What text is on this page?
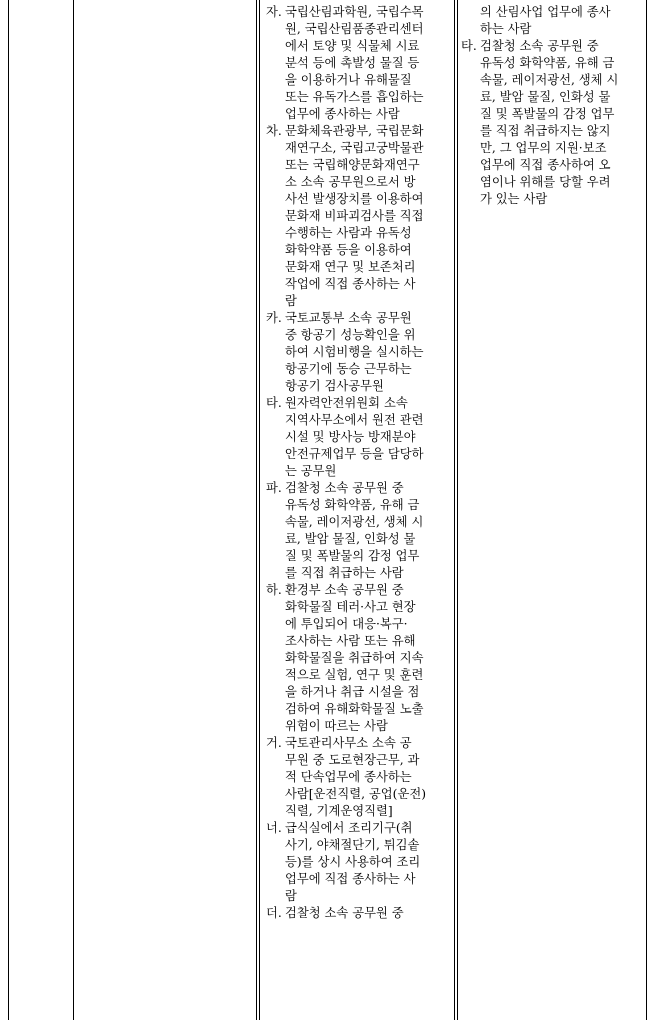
자. 국립산림과학원, 국립수목
원, 국립산림품종관리센터
에서 토양 및 식물체 시료
분석 등에 촉발성 물질 등
을 이용하거나 유해물질
또는 유독가스를 흡입하는
업무에 종사하는 사람
차. 문화체육관광부, 국립문화
재연구소, 국립고궁박물관
또는 국립해양문화재연구
소 소속 공무원으로서 방
사선 발생장치를 이용하여
문화재 비파괴검사를 직접
수행하는 사람과 유독성
화학약품 등을 이용하여
문화재 연구 및 보존처리
작업에 직접 종사하는 사
람
카. 국토교통부 소속 공무원
중 항공기 성능확인을 위
하여 시험비행을 실시하는
항공기에 동승 근무하는
항공기 검사공무원
타. 원자력안전위원회 소속
지역사무소에서 원전 관련
시설 및 방사능 방재분야
안전규제업무 등을 담당하
는 공무원
파. 검찰청 소속 공무원 중
유독성 화학약품, 유해 금
속물, 레이저광선, 생체 시
료, 발암 물질, 인화성 물
질 및 폭발물의 감정 업무
를 직접 취급하는 사람
하. 환경부 소속 공무원 중
화학물질 테러·사고 현장
에 투입되어 대응·복구·
조사하는 사람 또는 유해
화학물질을 취급하여 지속
적으로 실험, 연구 및 훈련
을 하거나 취급 시설을 점
검하여 유해화학물질 노출
위험이 따르는 사람
거. 국토관리사무소 소속 공
무원 중 도로현장근무, 과
적 단속업무에 종사하는
사람[운전직렬, 공업(운전)
직렬, 기계운영직렬]
너. 급식실에서 조리기구(취
사기, 야채절단기, 튀김솥
등)를 상시 사용하여 조리
업무에 직접 종사하는 사
람
더. 검찰청 소속 공무원 중
의 산림사업 업무에 종사
하는 사람
타. 검찰청 소속 공무원 중
유독성 화학약품, 유해 금
속물, 레이저광선, 생체 시
료, 발암 물질, 인화성 물
질 및 폭발물의 감정 업무
를 직접 취급하지는 않지
만, 그 업무의 지원·보조
업무에 직접 종사하여 오
염이나 위해를 당할 우려
가 있는 사람
